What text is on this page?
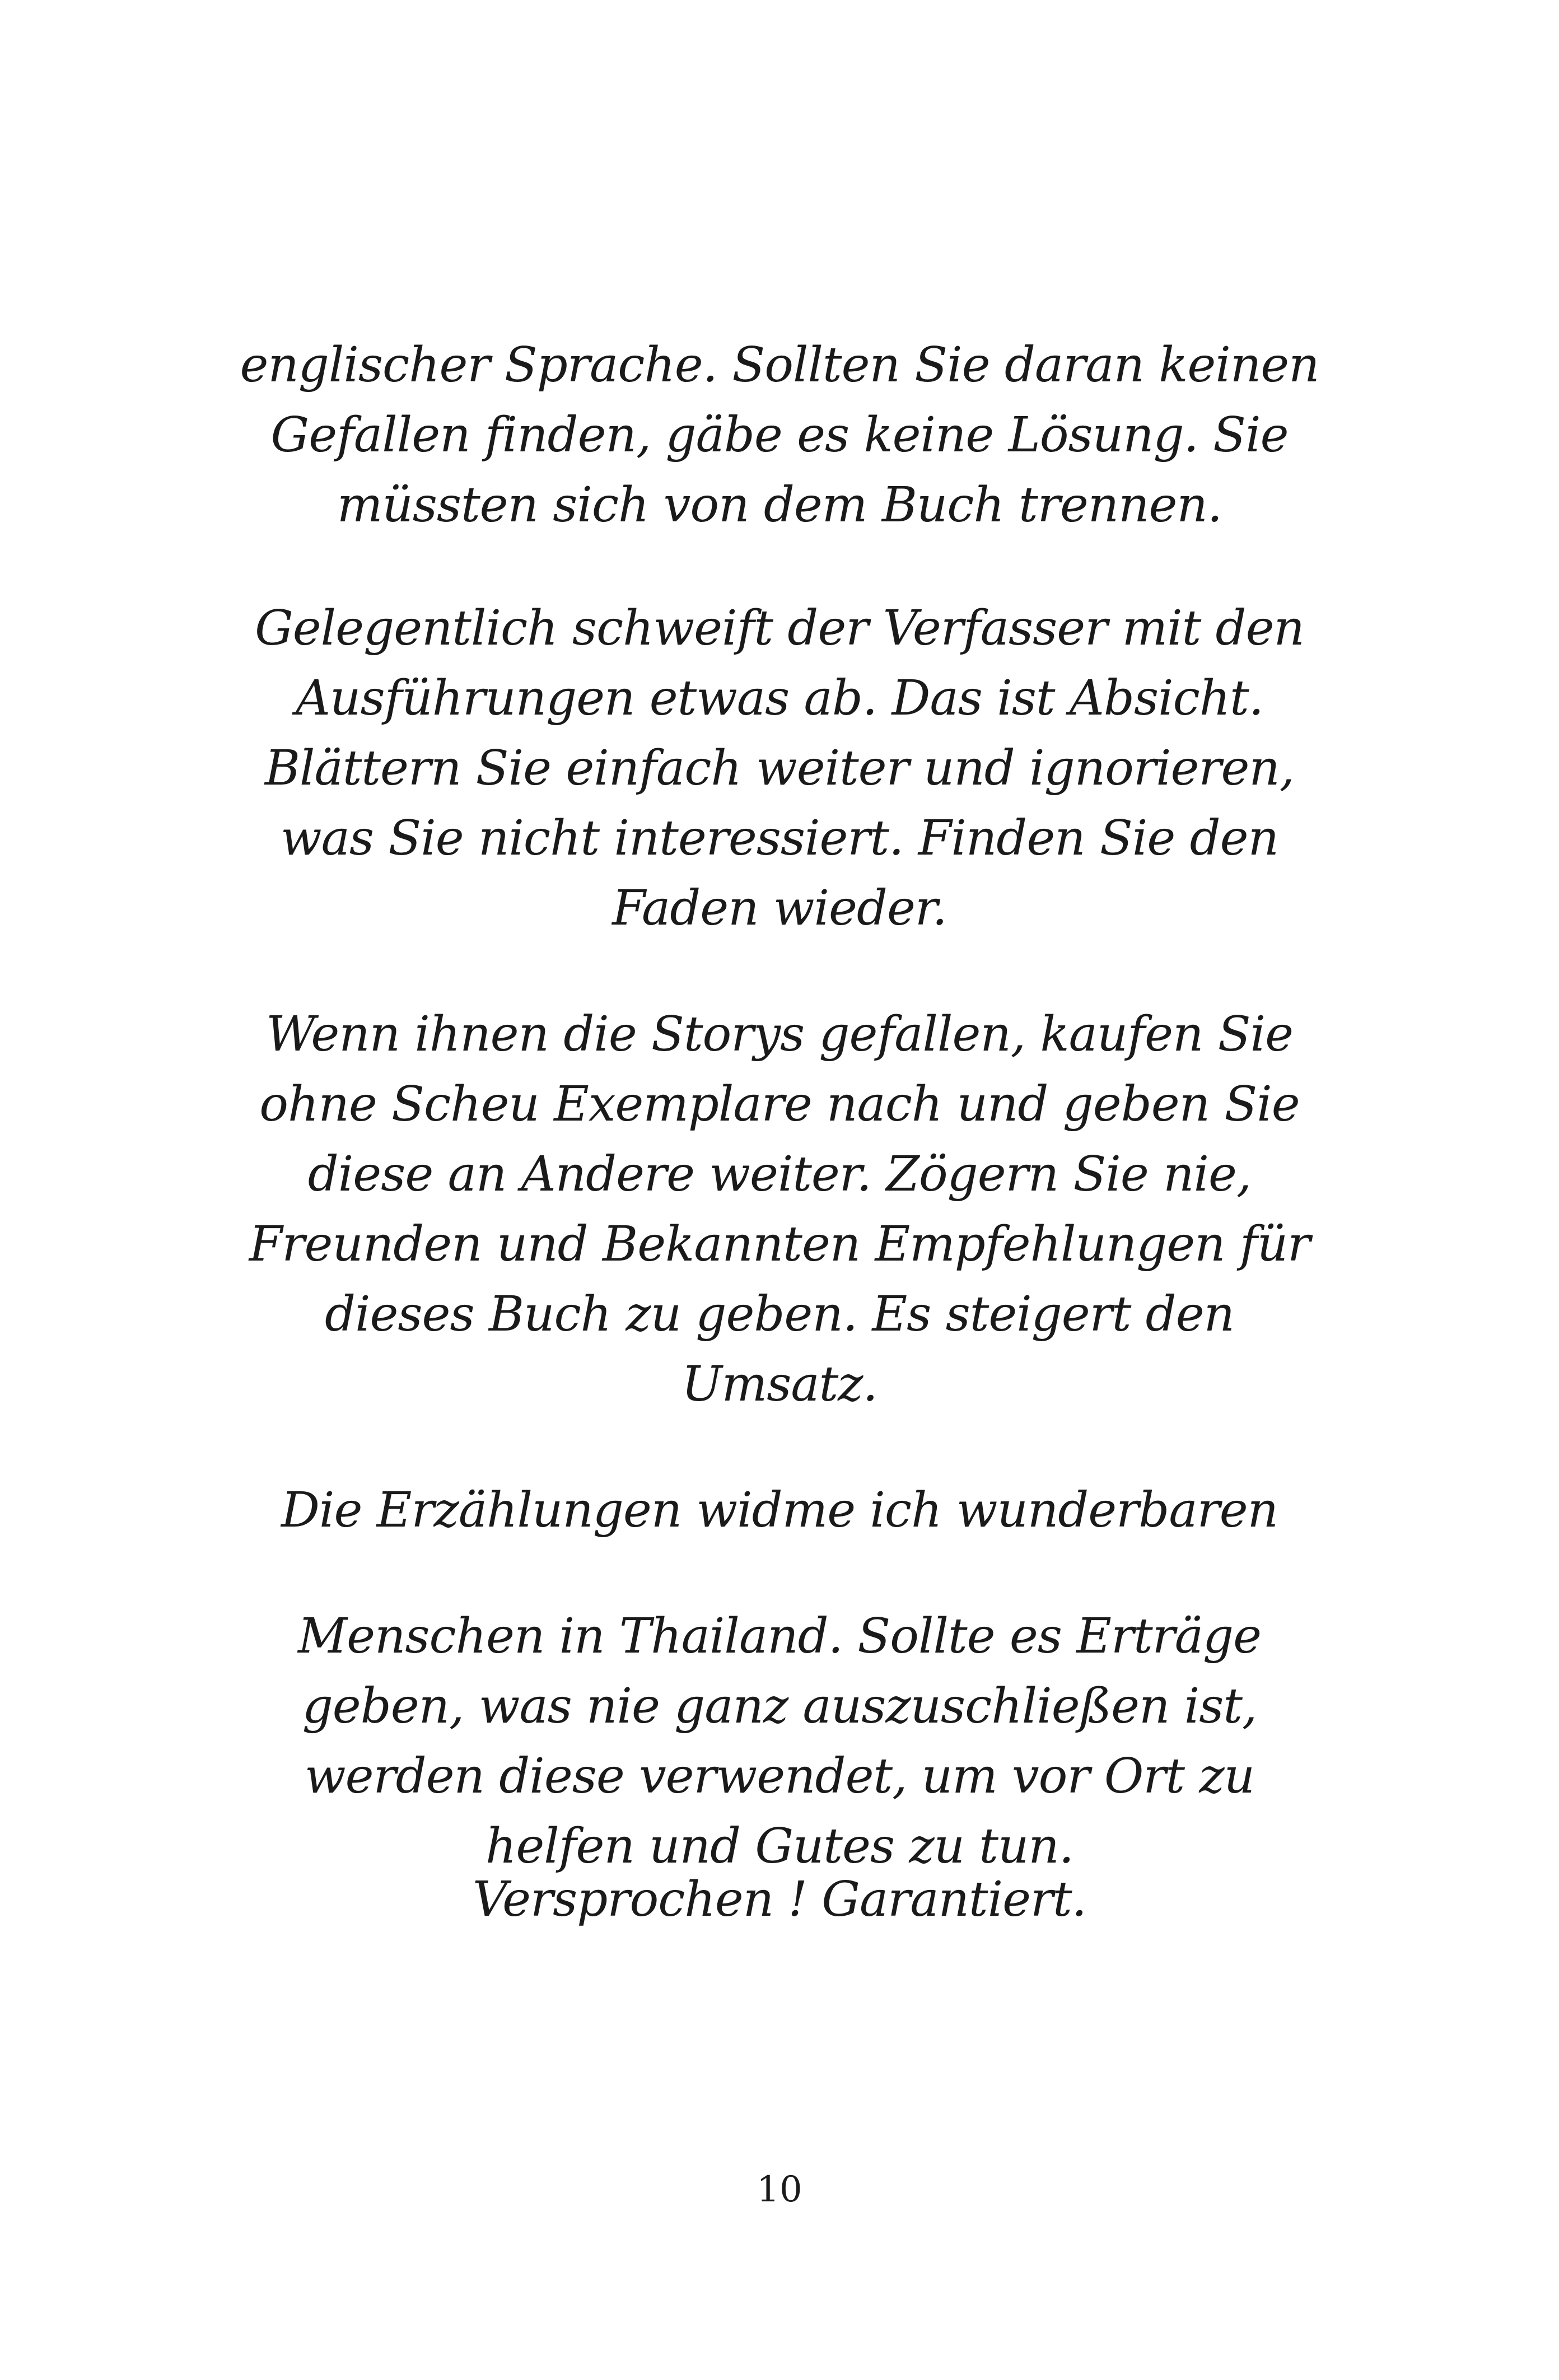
englischer Sprache. Sollten Sie daran keinen
Gefallen finden, gäbe es keine Lösung. Sie
müssten sich von dem Buch trennen.
Gelegentlich schweift der Verfasser mit den
Ausführungen etwas ab. Das ist Absicht.
Blättern Sie einfach weiter und ignorieren,
was Sie nicht interessiert. Finden Sie den
Faden wieder.
Wenn ihnen die Storys gefallen, kaufen Sie
ohne Scheu Exemplare nach und geben Sie
diese an Andere weiter. Zögern Sie nie,
Freunden und Bekannten Empfehlungen für
dieses Buch zu geben. Es steigert den
Umsatz.
Die Erzählungen widme ich wunderbaren
Menschen in Thailand. Sollte es Erträge
geben, was nie ganz auszuschließen ist,
werden diese verwendet, um vor Ort zu
helfen und Gutes zu tun.
Versprochen ! Garantiert.
10
